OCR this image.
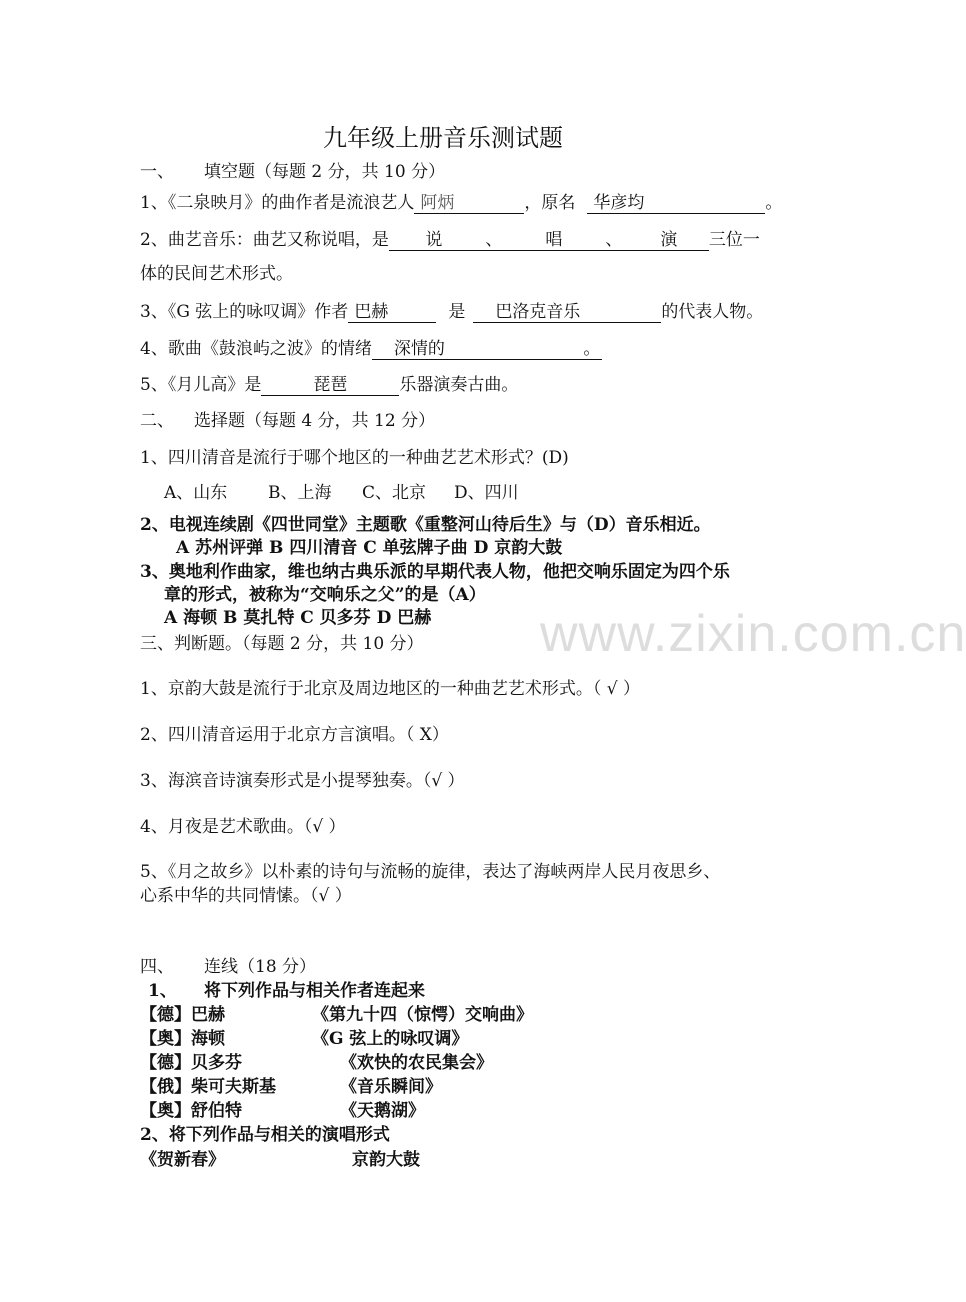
九年级上册音乐测试题
一、 填空题（每题 2 分，共 10 分）
1、《二泉映月》的曲作者是流浪艺人 阿炳	，原名 华彦均	。
2、曲艺音乐：曲艺又称说唱，是 说	、	唱	、 演 三位一
体的民间艺术形式。
3、《G 弦上的咏叹调》作者 巴赫	是 巴洛克音乐	的代表人物。
4、歌曲《鼓浪屿之波》的情绪 深情的	。
5、《月儿高》是	琵琶	乐器演奏古曲。
二、 选择题（每题 4 分，共 12 分）
1、四川清音是流行于哪个地区的一种曲艺艺术形式？(D)
A、山东 B、上海 C、北京 D、四川
2、电视连续剧《四世同堂》主题歌《重整河山待后生》与（D）音乐相近。
A 苏州评弹 B 四川清音 C 单弦牌子曲 D 京韵大鼓
3、奥地利作曲家，维也纳古典乐派的早期代表人物，他把交响乐固定为四个乐
章的形式，被称为“交响乐之父”的是（A）
A 海顿 B 莫扎特 C 贝多芬 D 巴赫
三、判断题。（每题 2 分，共 10 分）
1、京韵大鼓是流行于北京及周边地区的一种曲艺艺术形式。（ √ ）
2、四川清音运用于北京方言演唱。（ X）
3、海滨音诗演奏形式是小提琴独奏。（√ ）
4、月夜是艺术歌曲。（√ ）
5、《月之故乡》以朴素的诗句与流畅的旋律，表达了海峡两岸人民月夜思乡、
心系中华的共同情愫。（√ ）
四、 连线（18 分）
1、 将下列作品与相关作者连起来
【德】巴赫	《第九十四（惊愕）交响曲》
【奥】海顿	《G 弦上的咏叹调》
【德】贝多芬	《欢快的农民集会》
【俄】柴可夫斯基	《音乐瞬间》
【奥】舒伯特	《天鹅湖》
2、将下列作品与相关的演唱形式
《贺新春》	京韵大鼓
www.zixin.com.cn
